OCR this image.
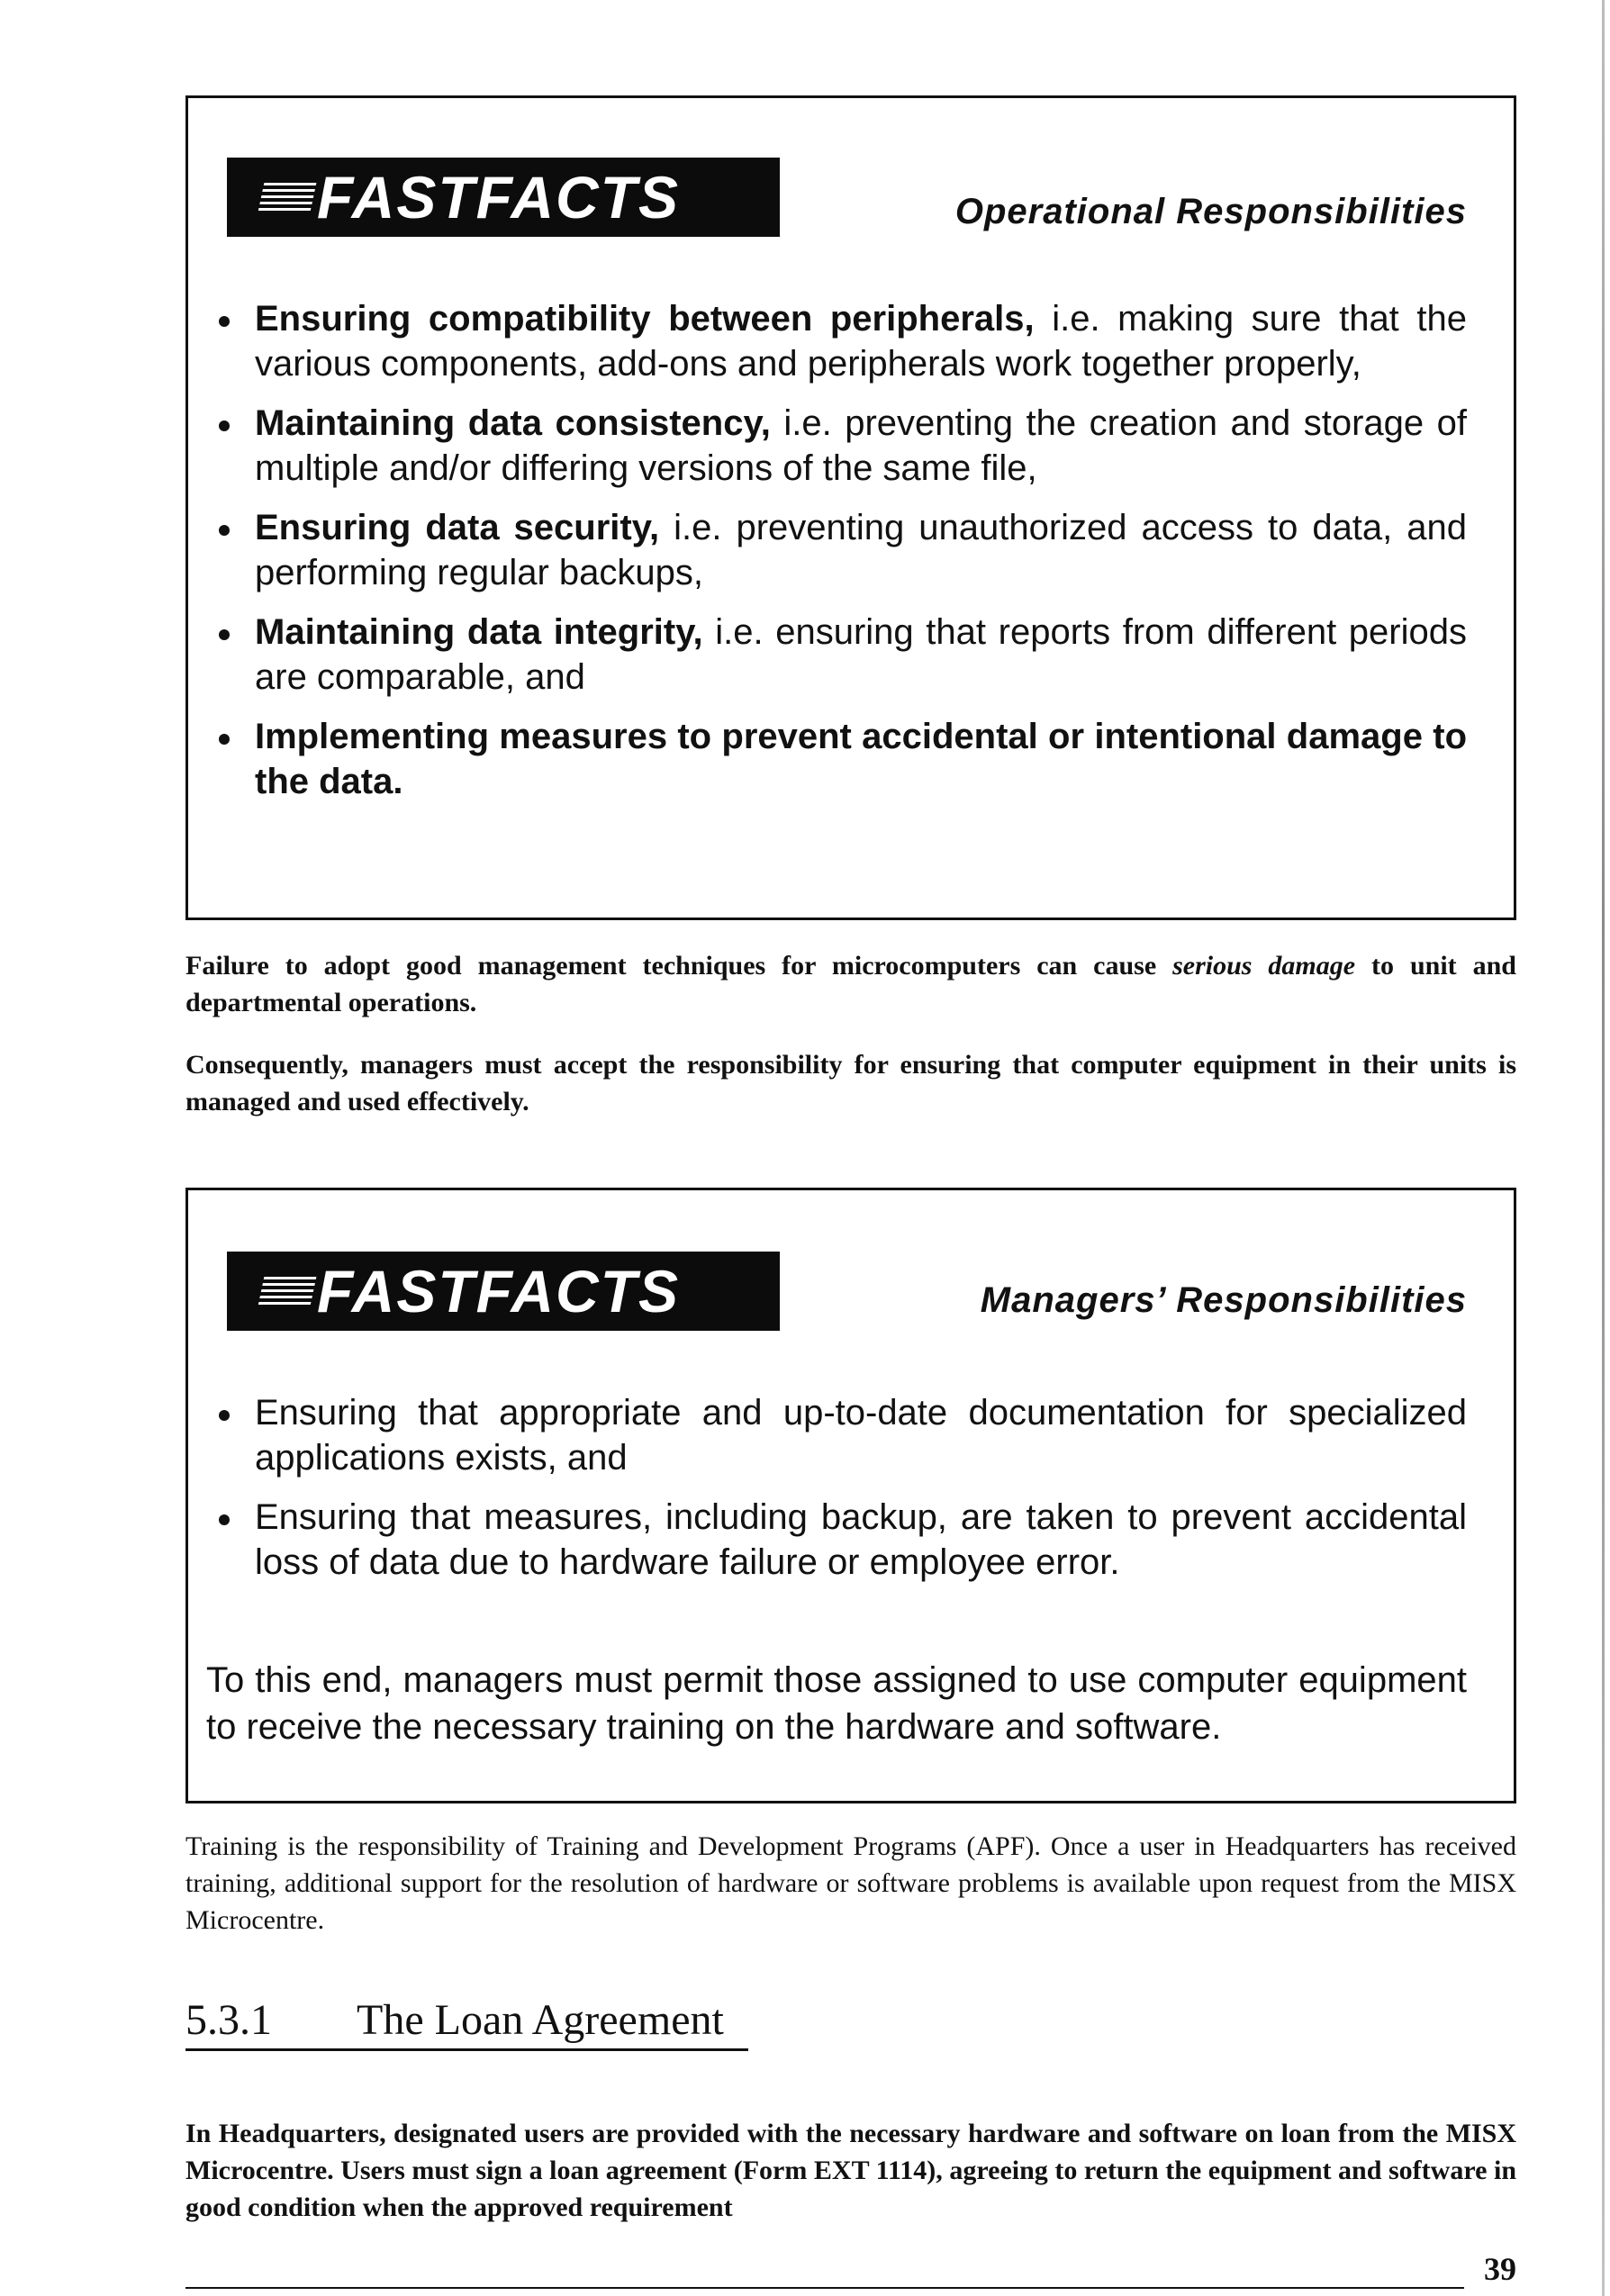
FASTFACTS	Operational Responsibilities
Ensuring compatibility between peripherals, i.e. making sure that the various components, add-ons and peripherals work together properly,
Maintaining data consistency, i.e. preventing the creation and storage of multiple and/or differing versions of the same file,
Ensuring data security, i.e. preventing unauthorized access to data, and performing regular backups,
Maintaining data integrity, i.e. ensuring that reports from different periods are comparable, and
Implementing measures to prevent accidental or intentional damage to the data.

Failure to adopt good management techniques for microcomputers can cause serious damage to unit and departmental operations.

Consequently, managers must accept the responsibility for ensuring that computer equipment in their units is managed and used effectively.

FASTFACTS	Managers’ Responsibilities
Ensuring that appropriate and up-to-date documentation for specialized applications exists, and
Ensuring that measures, including backup, are taken to prevent accidental loss of data due to hardware failure or employee error.

To this end, managers must permit those assigned to use computer equipment to receive the necessary training on the hardware and software.

Training is the responsibility of Training and Development Programs (APF). Once a user in Headquarters has received training, additional support for the resolution of hardware or software problems is available upon request from the MISX Microcentre.

5.3.1 The Loan Agreement

In Headquarters, designated users are provided with the necessary hardware and software on loan from the MISX Microcentre. Users must sign a loan agreement (Form EXT 1114), agreeing to return the equipment and software in good condition when the approved requirement

39
